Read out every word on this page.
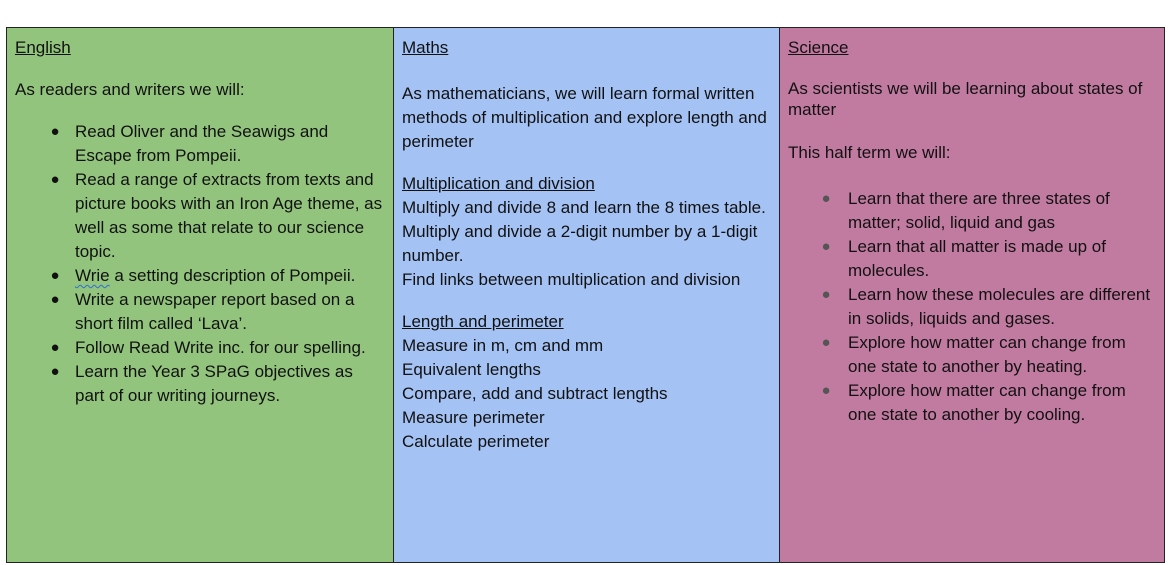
English

As readers and writers we will:

● Read Oliver and the Seawigs and Escape from Pompeii.
● Read a range of extracts from texts and picture books with an Iron Age theme, as well as some that relate to our science topic.
● Wrie a setting description of Pompeii.
● Write a newspaper report based on a short film called ‘Lava’.
● Follow Read Write inc. for our spelling.
● Learn the Year 3 SPaG objectives as part of our writing journeys.

Maths

As mathematicians, we will learn formal written methods of multiplication and explore length and perimeter

Multiplication and division

Multiply and divide 8 and learn the 8 times table.

Multiply and divide a 2-digit number by a 1-digit number.

Find links between multiplication and division

Length and perimeter

Measure in m, cm and mm

Equivalent lengths

Compare, add and subtract lengths

Measure perimeter

Calculate perimeter

Science

As scientists we will be learning about states of matter

This half term we will:

●	Learn that there are three states of matter; solid, liquid and gas
●	Learn that all matter is made up of molecules.
●	Learn how these molecules are different in solids, liquids and gases.
●	Explore how matter can change from one state to another by heating.
●	Explore how matter can change from one state to another by cooling.
